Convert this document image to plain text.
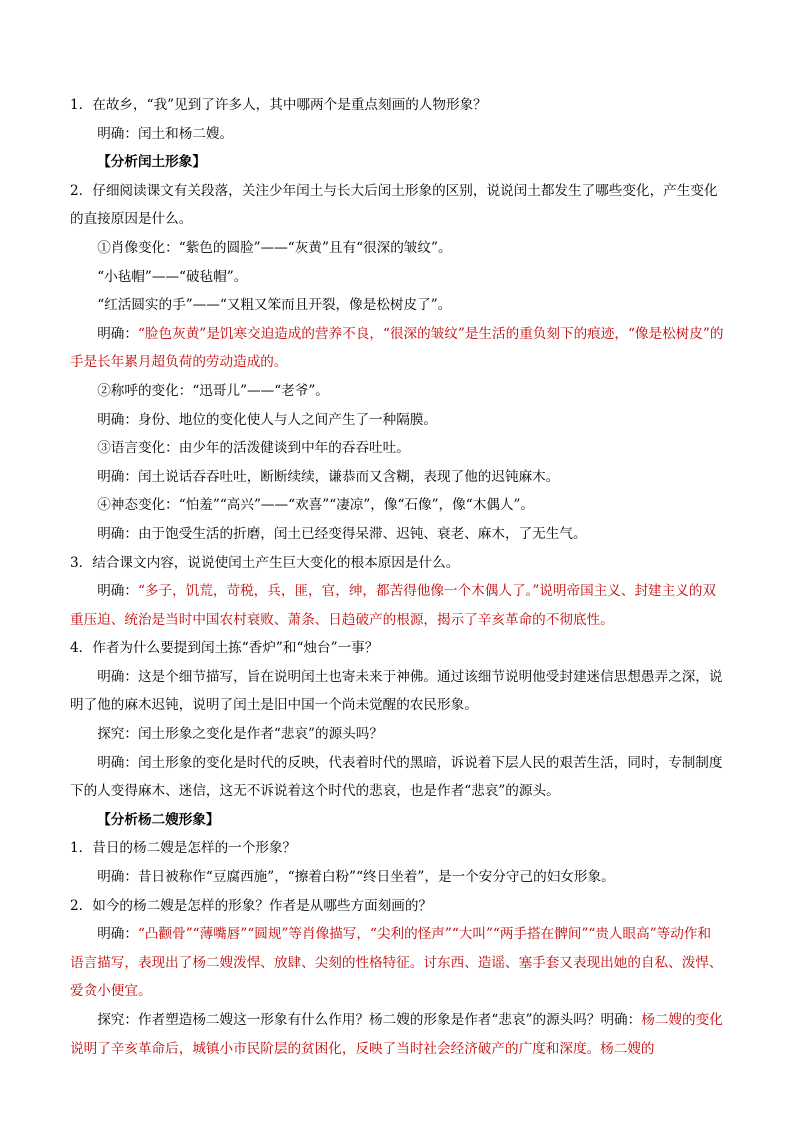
1．在故乡，“我”见到了许多人，其中哪两个是重点刻画的人物形象？

明确：闰土和杨二嫂。

【分析闰土形象】

2．仔细阅读课文有关段落，关注少年闰土与长大后闰土形象的区别，说说闰土都发生了哪些变化，产生变化的直接原因是什么。

①肖像变化：“紫色的圆脸”——“灰黄”且有“很深的皱纹”。

“小毡帽”——“破毡帽”。

“红活圆实的手”——“又粗又笨而且开裂，像是松树皮了”。

明确：“脸色灰黄”是饥寒交迫造成的营养不良，“很深的皱纹”是生活的重负刻下的痕迹，“像是松树皮”的手是长年累月超负荷的劳动造成的。

②称呼的变化：“迅哥儿”——“老爷”。

明确：身份、地位的变化使人与人之间产生了一种隔膜。

③语言变化：由少年的活泼健谈到中年的吞吞吐吐。

明确：闰土说话吞吞吐吐，断断续续，谦恭而又含糊，表现了他的迟钝麻木。

④神态变化：“怕羞”“高兴”——“欢喜”“凄凉”，像“石像”，像“木偶人”。

明确：由于饱受生活的折磨，闰土已经变得呆滞、迟钝、衰老、麻木，了无生气。

3．结合课文内容，说说使闰土产生巨大变化的根本原因是什么。

明确：“多子，饥荒，苛税，兵，匪，官，绅，都苦得他像一个木偶人了。”说明帝国主义、封建主义的双重压迫、统治是当时中国农村衰败、萧条、日趋破产的根源，揭示了辛亥革命的不彻底性。

4．作者为什么要提到闰土拣“香炉”和“烛台”一事？

明确：这是个细节描写，旨在说明闰土也寄未来于神佛。通过该细节说明他受封建迷信思想愚弄之深，说明了他的麻木迟钝，说明了闰土是旧中国一个尚未觉醒的农民形象。

探究：闰土形象之变化是作者“悲哀”的源头吗？

明确：闰土形象的变化是时代的反映，代表着时代的黑暗，诉说着下层人民的艰苦生活，同时，专制制度下的人变得麻木、迷信，这无不诉说着这个时代的悲哀，也是作者“悲哀”的源头。

【分析杨二嫂形象】

1．昔日的杨二嫂是怎样的一个形象？

明确：昔日被称作“豆腐西施”，“擦着白粉”“终日坐着”，是一个安分守己的妇女形象。

2．如今的杨二嫂是怎样的形象？作者是从哪些方面刻画的？

明确：“凸颧骨”“薄嘴唇”“圆规”等肖像描写，“尖利的怪声”“大叫”“两手搭在髀间”“贵人眼高”等动作和语言描写，表现出了杨二嫂泼悍、放肆、尖刻的性格特征。讨东西、造谣、塞手套又表现出她的自私、泼悍、爱贪小便宜。

探究：作者塑造杨二嫂这一形象有什么作用？杨二嫂的形象是作者“悲哀”的源头吗？明确：杨二嫂的变化说明了辛亥革命后，城镇小市民阶层的贫困化，反映了当时社会经济破产的广度和深度。杨二嫂的
